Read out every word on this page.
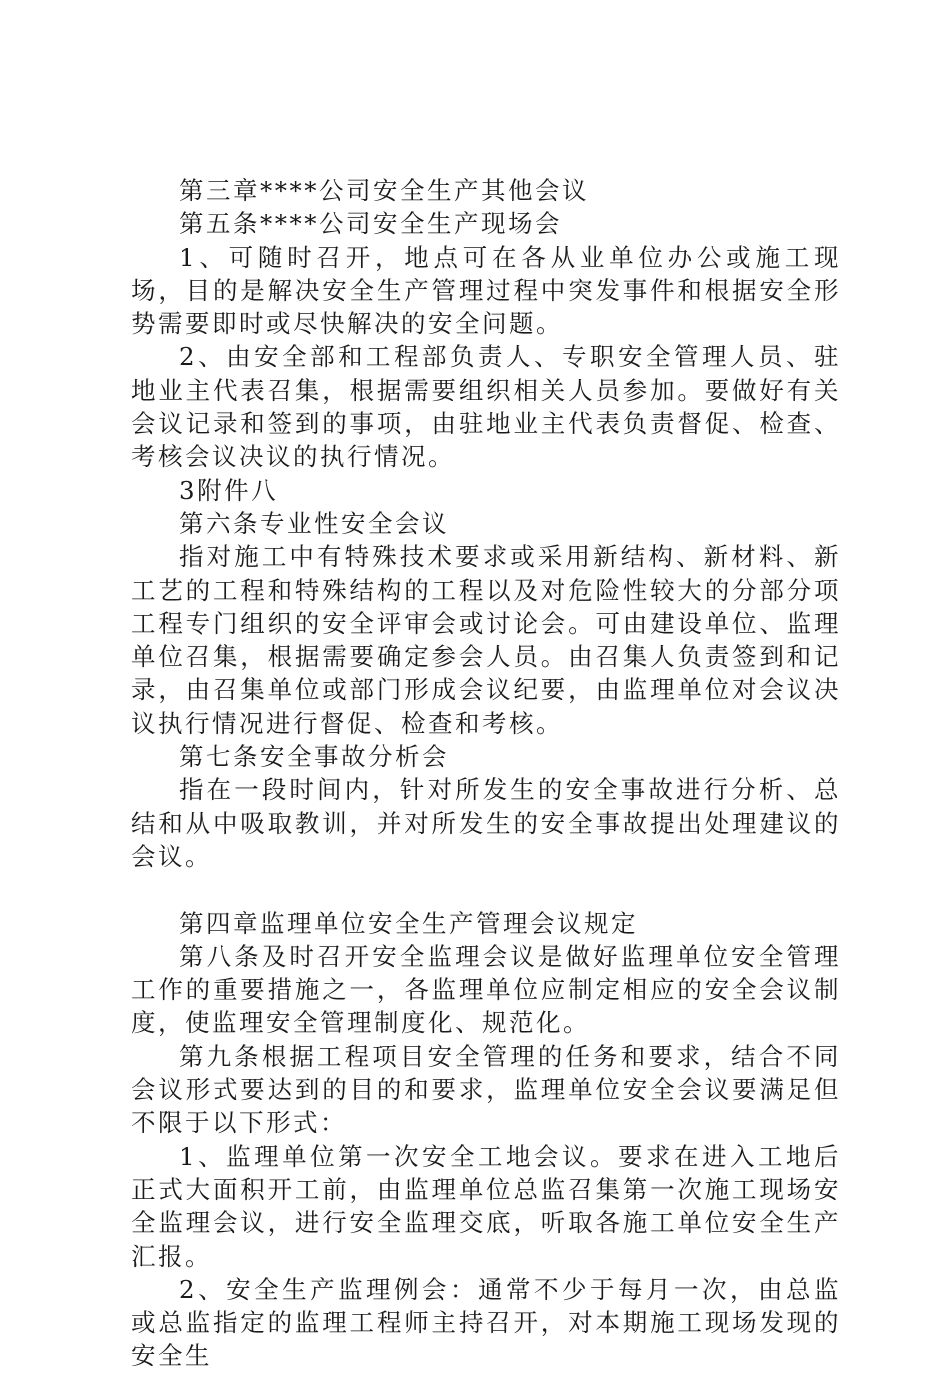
第三章****公司安全生产其他会议

第五条****公司安全生产现场会

1、可随时召开，地点可在各从业单位办公或施工现场，目的是解决安全生产管理过程中突发事件和根据安全形势需要即时或尽快解决的安全问题。

2、由安全部和工程部负责人、专职安全管理人员、驻地业主代表召集，根据需要组织相关人员参加。要做好有关会议记录和签到的事项，由驻地业主代表负责督促、检查、考核会议决议的执行情况。

3附件八

第六条专业性安全会议

指对施工中有特殊技术要求或采用新结构、新材料、新工艺的工程和特殊结构的工程以及对危险性较大的分部分项工程专门组织的安全评审会或讨论会。可由建设单位、监理单位召集，根据需要确定参会人员。由召集人负责签到和记录，由召集单位或部门形成会议纪要，由监理单位对会议决议执行情况进行督促、检查和考核。

第七条安全事故分析会

指在一段时间内，针对所发生的安全事故进行分析、总结和从中吸取教训，并对所发生的安全事故提出处理建议的会议。

第四章监理单位安全生产管理会议规定

第八条及时召开安全监理会议是做好监理单位安全管理工作的重要措施之一，各监理单位应制定相应的安全会议制度，使监理安全管理制度化、规范化。

第九条根据工程项目安全管理的任务和要求，结合不同会议形式要达到的目的和要求，监理单位安全会议要满足但不限于以下形式：

1、监理单位第一次安全工地会议。要求在进入工地后正式大面积开工前，由监理单位总监召集第一次施工现场安全监理会议，进行安全监理交底，听取各施工单位安全生产汇报。

2、安全生产监理例会：通常不少于每月一次，由总监或总监指定的监理工程师主持召开，对本期施工现场发现的安全生
